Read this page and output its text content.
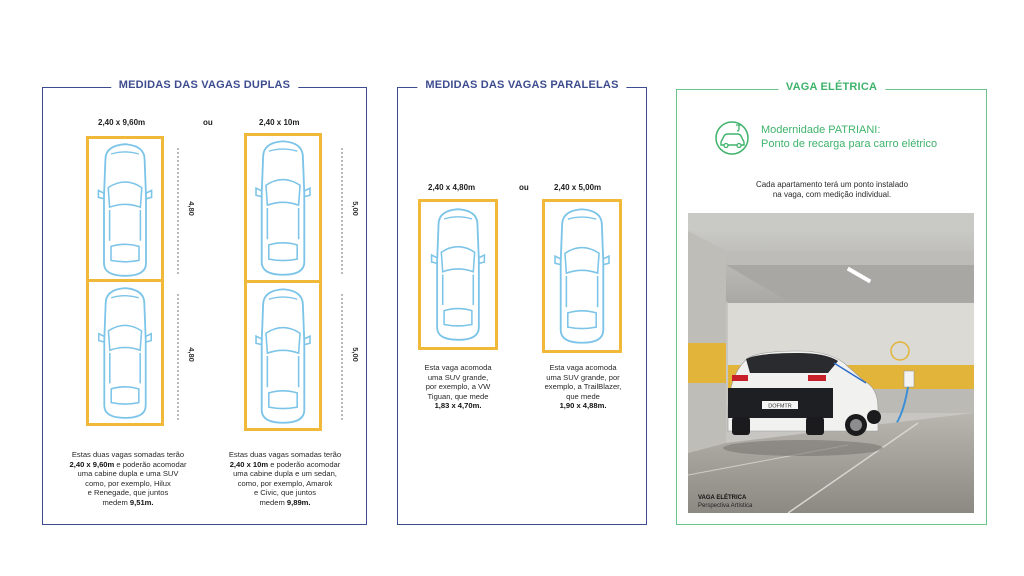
MEDIDAS DAS VAGAS DUPLAS
2,40 x 9,60m	ou	2,40 x 10m
4,80
4,80
5,00
5,00
Estas duas vagas somadas terão
2,40 x 9,60m e poderão acomodar
uma cabine dupla e uma SUV
como, por exemplo, Hilux
e Renegade, que juntos
medem 9,51m.
Estas duas vagas somadas terão
2,40 x 10m e poderão acomodar
uma cabine dupla e um sedan,
como, por exemplo, Amarok
e Civic, que juntos
medem 9,89m.
MEDIDAS DAS VAGAS PARALELAS
2,40 x 4,80m	ou	2,40 x 5,00m
Esta vaga acomoda
uma SUV grande,
por exemplo, a VW
Tiguan, que mede
1,83 x 4,70m.
Esta vaga acomoda
uma SUV grande, por
exemplo, a TrailBlazer,
que mede
1,90 x 4,88m.
VAGA ELÉTRICA
Modernidade PATRIANI:
Ponto de recarga para carro elétrico
Cada apartamento terá um ponto instalado
na vaga, com medição individual.
DOFMTR
VAGA ELÉTRICA
Perspectiva Artística
